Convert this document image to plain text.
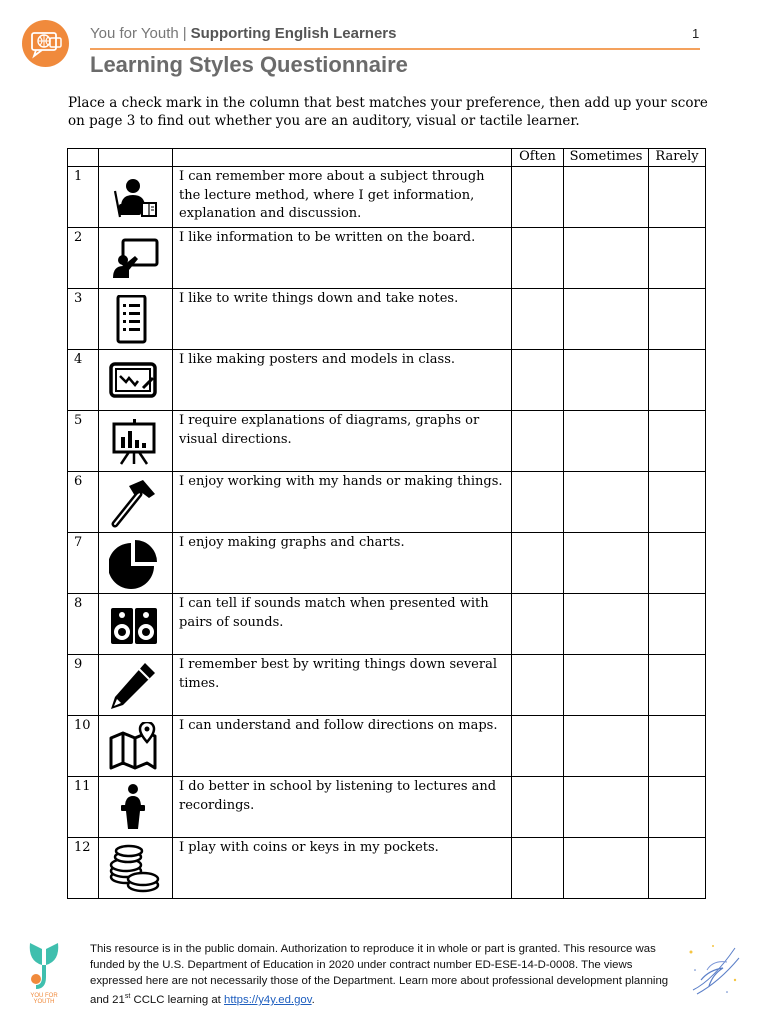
You for Youth | Supporting English Learners	1
Learning Styles Questionnaire
Place a check mark in the column that best matches your preference, then add up your score on page 3 to find out whether you are an auditory, visual or tactile learner.
			Often	Sometimes	Rarely
1		I can remember more about a subject through the lecture method, where I get information, explanation and discussion.			
2		I like information to be written on the board.			
3		I like to write things down and take notes.			
4		I like making posters and models in class.			
5		I require explanations of diagrams, graphs or visual directions.			
6		I enjoy working with my hands or making things.			
7		I enjoy making graphs and charts.			
8		I can tell if sounds match when presented with pairs of sounds.			
9		I remember best by writing things down several times.			
10		I can understand and follow directions on maps.			
11		I do better in school by listening to lectures and recordings.			
12		I play with coins or keys in my pockets.			
YOU FOR YOUTH
This resource is in the public domain. Authorization to reproduce it in whole or part is granted. This resource was funded by the U.S. Department of Education in 2020 under contract number ED-ESE-14-D-0008. The views expressed here are not necessarily those of the Department. Learn more about professional development planning and 21st CCLC learning at https://y4y.ed.gov.
